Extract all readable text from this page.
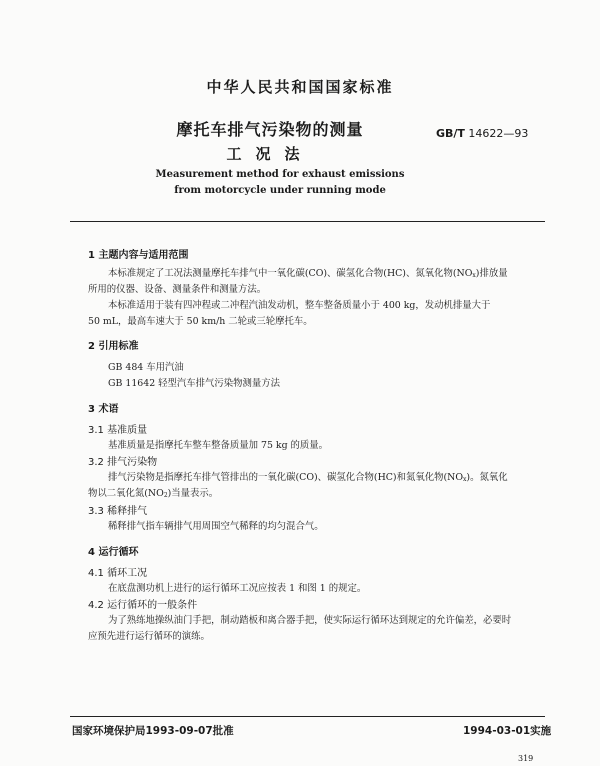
中华人民共和国国家标准
摩托车排气污染物的测量
工况法
GB/T 14622—93
Measurement method for exhaust emissions
from motorcycle under running mode
1 主题内容与适用范围
本标准规定了工况法测量摩托车排气中一氧化碳(CO)、碳氢化合物(HC)、氮氧化物$(NO_x)$排放量
所用的仪器、设备、测量条件和测量方法。
本标准适用于装有四冲程或二冲程汽油发动机，整车整备质量小于 400 kg，发动机排量大于
50 mL，最高车速大于 50 km/h 二轮或三轮摩托车。
2 引用标准
GB 484 车用汽油
GB 11642 轻型汽车排气污染物测量方法
3 术语
3.1 基准质量
基准质量是指摩托车整车整备质量加 75 kg 的质量。
3.2 排气污染物
排气污染物是指摩托车排气管排出的一氧化碳(CO)、碳氢化合物(HC)和氮氧化物$(NO_x)$。氮氧化
物以二氧化氮$(NO_2)$当量表示。
3.3 稀释排气
稀释排气指车辆排气用周围空气稀释的均匀混合气。
4 运行循环
4.1 循环工况
在底盘测功机上进行的运行循环工况应按表 1 和图 1 的规定。
4.2 运行循环的一般条件
为了熟练地操纵油门手把，制动踏板和离合器手把，使实际运行循环达到规定的允许偏差，必要时
应预先进行运行循环的演练。
国家环境保护局1993-09-07批准	1994-03-01实施
319
